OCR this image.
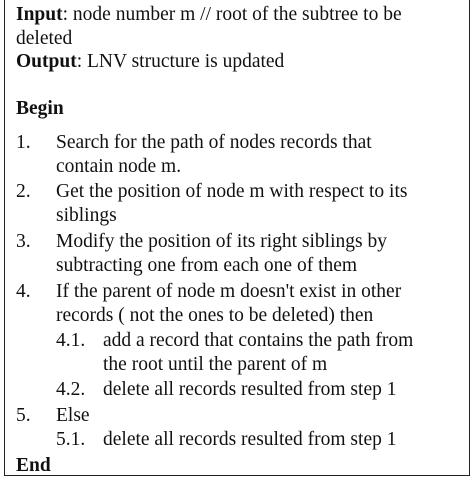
Input: node number m // root of the subtree to be
deleted
Output: LNV structure is updated
Begin
1. Search for the path of nodes records that
contain node m.
2. Get the position of node m with respect to its
siblings
3. Modify the position of its right siblings by
subtracting one from each one of them
4. If the parent of node m doesn't exist in other
records ( not the ones to be deleted) then
4.1. add a record that contains the path from
the root until the parent of m
4.2. delete all records resulted from step 1
5. Else
5.1. delete all records resulted from step 1
End
